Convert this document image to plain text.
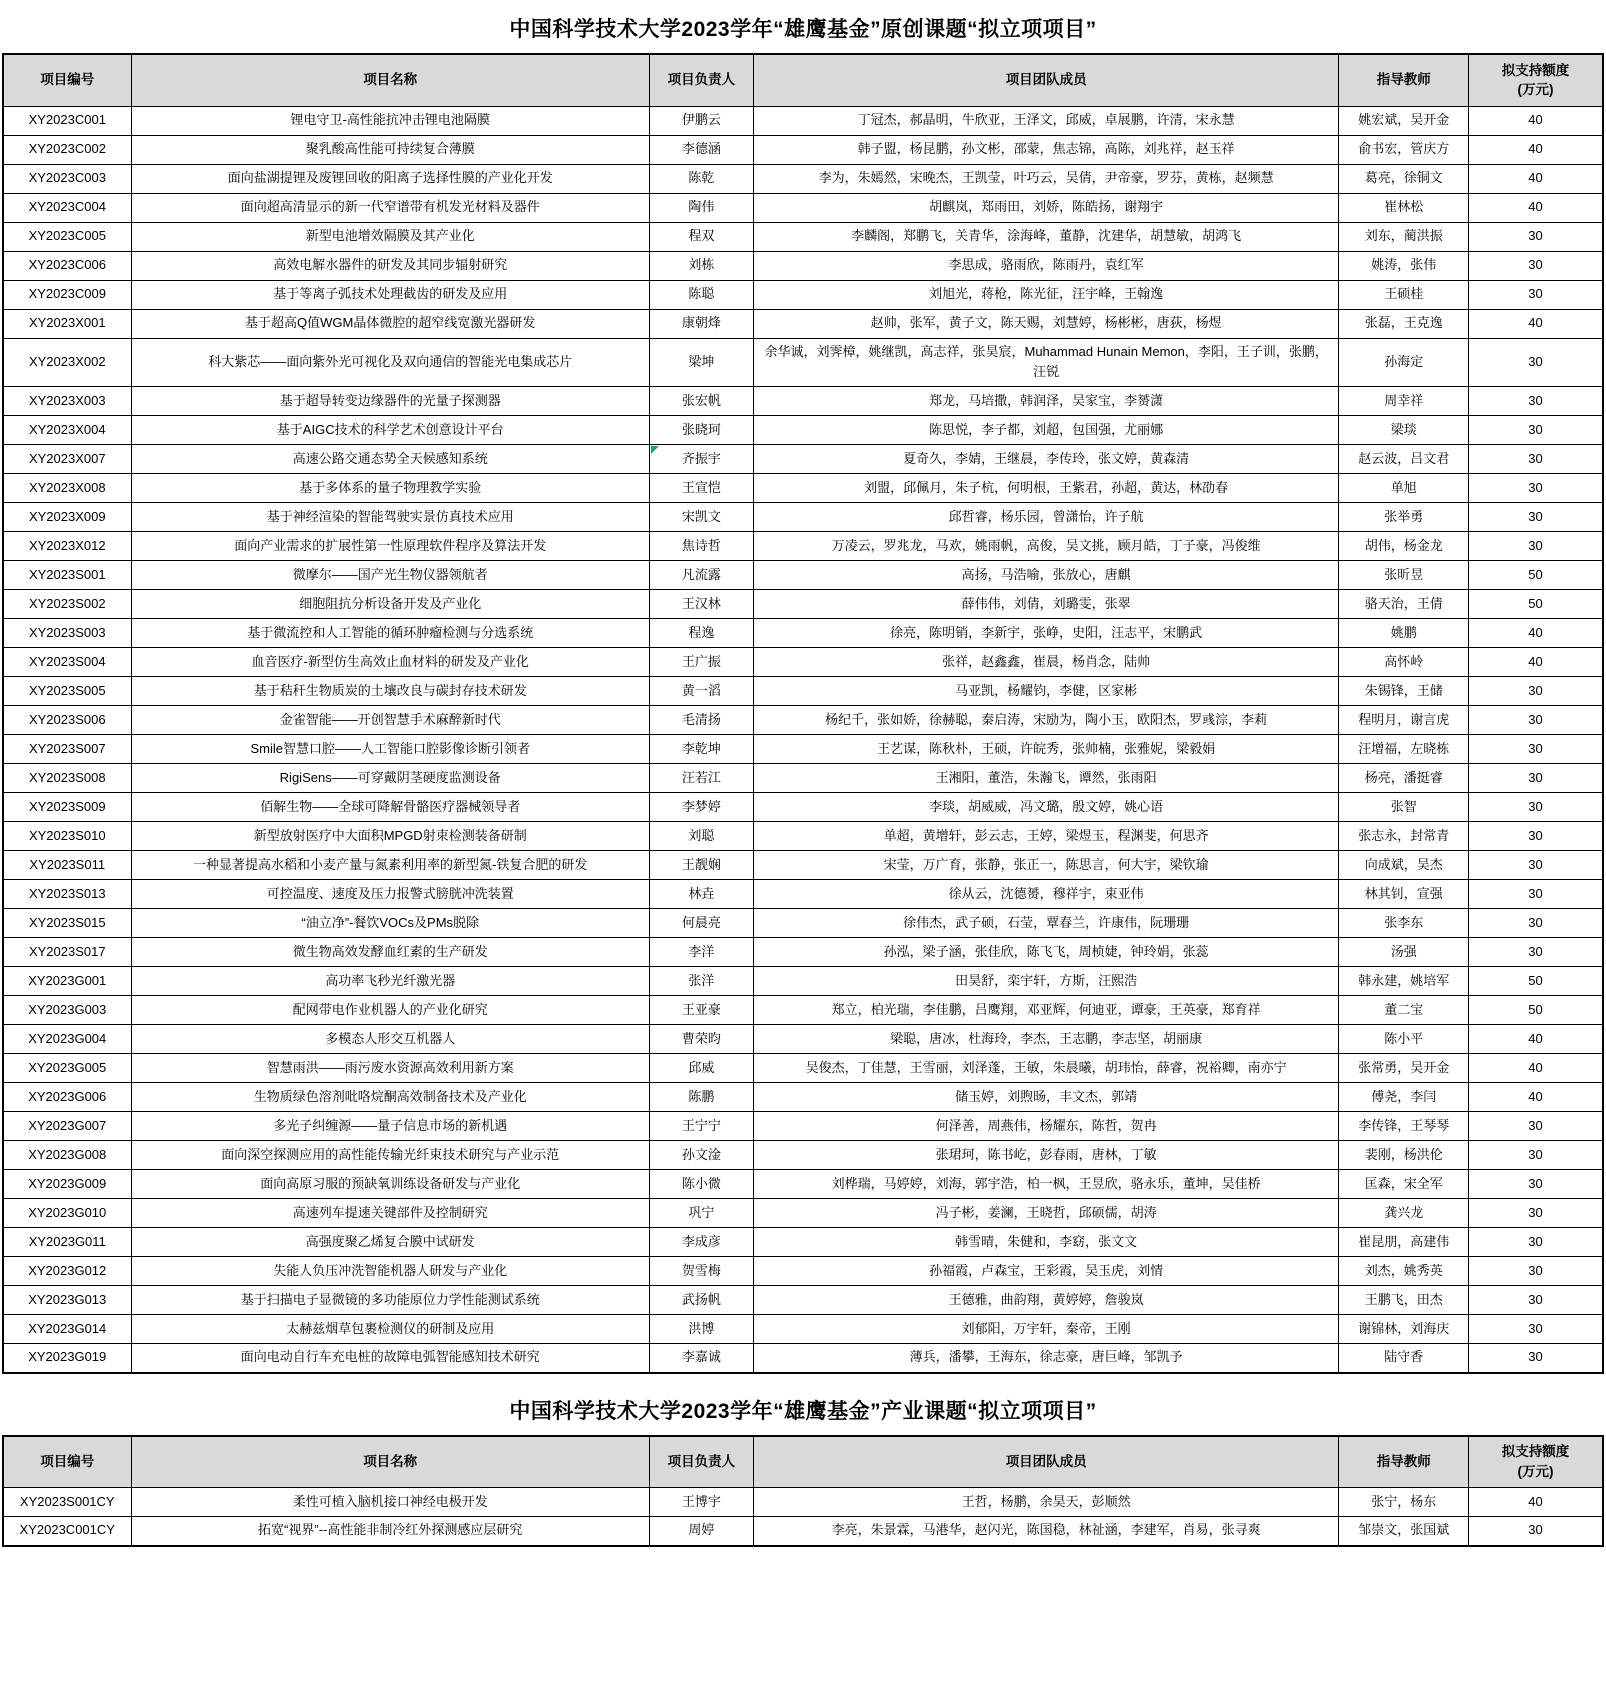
中国科学技术大学2023学年“雄鹰基金”原创课题“拟立项项目”
项目编号	项目名称	项目负责人	项目团队成员	指导教师	拟支持额度
(万元)

XY2023C001	锂电守卫-高性能抗冲击锂电池隔膜	伊鹏云	丁冠杰，郝晶明，牛欣亚，王泽文，邱威，卓展鹏，许清，宋永慧	姚宏斌，吴开金	40
XY2023C002	聚乳酸高性能可持续复合薄膜	李德涵	韩子盟，杨昆鹏，孙文彬，邵蒙，焦志锦，高陈，刘兆祥，赵玉祥	俞书宏，管庆方	40
XY2023C003	面向盐湖提锂及废锂回收的阳离子选择性膜的产业化开发	陈乾	李为，朱嫣然，宋晚杰，王凯莹，叶巧云，吴倩，尹帝豪，罗芬，黄栋，赵频慧	葛亮，徐铜文	40
XY2023C004	面向超高清显示的新一代窄谱带有机发光材料及器件	陶伟	胡麒岚，郑雨田，刘娇，陈皓扬，谢翔宇	崔林松	40
XY2023C005	新型电池增效隔膜及其产业化	程双	李麟阁，郑鹏飞，关青华，涂海峰，董静，沈建华，胡慧敏，胡鸿飞	刘东，蔺洪振	30
XY2023C006	高效电解水器件的研发及其同步辐射研究	刘栋	李思成，骆雨欣，陈雨丹，袁红军	姚涛，张伟	30
XY2023C009	基于等离子弧技术处理截齿的研发及应用	陈聪	刘旭光，蒋枪，陈光征，汪宇峰，王翰逸	王硕桂	30
XY2023X001	基于超高Q值WGM晶体微腔的超窄线宽激光器研发	康朝烽	赵帅，张军，黄子文，陈天赐，刘慧婷，杨彬彬，唐荻，杨煜	张磊，王克逸	40
XY2023X002	科大紫芯——面向紫外光可视化及双向通信的智能光电集成芯片	梁坤	余华诚，刘霁樟，姚继凯，高志祥，张昊宸，Muhammad Hunain Memon，李阳，王子训，张鹏，汪锐	孙海定	30
XY2023X003	基于超导转变边缘器件的光量子探测器	张宏帆	郑龙，马培撒，韩润泽，吴家宝，李赟潇	周幸祥	30
XY2023X004	基于AIGC技术的科学艺术创意设计平台	张晓珂	陈思悦，李子都，刘超，包国强，尤丽娜	梁琰	30
XY2023X007	高速公路交通态势全天候感知系统	齐振宇	夏奇久，李婧，王继晨，李传玲，张文婷，黄森清	赵云波，吕文君	30
XY2023X008	基于多体系的量子物理教学实验	王宣恺	刘盟，邱佩月，朱子杭，何明根，王紫君，孙超，黄达，林劭春	单旭	30
XY2023X009	基于神经渲染的智能驾驶实景仿真技术应用	宋凯文	邱哲睿，杨乐园，曾潇怡，许子航	张举勇	30
XY2023X012	面向产业需求的扩展性第一性原理软件程序及算法开发	焦诗哲	万凌云，罗兆龙，马欢，姚雨帆，高俊，吴文挑，顾月皓，丁子豪，冯俊维	胡伟，杨金龙	30
XY2023S001	微摩尔——国产光生物仪器领航者	凡流露	高扬，马浩喻，张放心，唐麒	张昕昱	50
XY2023S002	细胞阻抗分析设备开发及产业化	王汉林	薛伟伟，刘倩，刘璐雯，张翠	骆天治，王倩	50
XY2023S003	基于微流控和人工智能的循环肿瘤检测与分选系统	程逸	徐亮，陈明销，李新宇，张峥，史阳，汪志平，宋鹏武	姚鹏	40
XY2023S004	血音医疗-新型仿生高效止血材料的研发及产业化	王广振	张祥，赵鑫鑫，崔晨，杨肖念，陆帅	高怀岭	40
XY2023S005	基于秸秆生物质炭的土壤改良与碳封存技术研发	黄一滔	马亚凯，杨耀钧，李健，区家彬	朱锡锋，王储	30
XY2023S006	金雀智能——开创智慧手术麻醉新时代	毛清扬	杨纪千，张如娇，徐赫聪，秦启涛，宋励为，陶小玉，欧阳杰，罗彧淙，李莉	程明月，谢言虎	30
XY2023S007	Smile智慧口腔——人工智能口腔影像诊断引领者	李乾坤	王艺谋，陈秋朴，王硕，许皖秀，张帅楠，张雅妮，梁毅娟	汪增福，左晓栋	30
XY2023S008	RigiSens——可穿戴阴茎硬度监测设备	汪若江	王湘阳，董浩，朱瀚飞，谭然，张雨阳	杨亮，潘挺睿	30
XY2023S009	佰解生物——全球可降解骨骼医疗器械领导者	李梦婷	李琰，胡威威，冯文璐，殷文婷，姚心语	张智	30
XY2023S010	新型放射医疗中大面积MPGD射束检测装备研制	刘聪	单超，黄增轩，彭云志，王婷，梁煜玉，程渊斐，何思齐	张志永，封常青	30
XY2023S011	一种显著提高水稻和小麦产量与氮素利用率的新型氮-铁复合肥的研发	王靓娴	宋莹，万广育，张静，张正一，陈思言，何大宇，梁钦瑜	向成斌，吴杰	30
XY2023S013	可控温度、速度及压力报警式膀胱冲洗装置	林垚	徐从云，沈德赟，穆祥宇，束亚伟	林其钊，宣强	30
XY2023S015	“油立净”-餐饮VOCs及PMs脱除	何晨亮	徐伟杰，武子硕，石莹，覃春兰，许康伟，阮珊珊	张李东	30
XY2023S017	微生物高效发酵血红素的生产研发	李洋	孙泓，梁子涵，张佳欣，陈飞飞，周桢婕，钟玲娟，张蕊	汤强	30
XY2023G001	高功率飞秒光纤激光器	张洋	田昊舒，栾宇轩，方斯，汪熙浩	韩永建，姚培军	50
XY2023G003	配网带电作业机器人的产业化研究	王亚豪	郑立，柏光瑞，李佳鹏，吕鹰翔，邓亚辉，何迪亚，谭豪，王英豪，郑育祥	董二宝	50
XY2023G004	多模态人形交互机器人	曹荣昀	梁聪，唐冰，杜海玲，李杰，王志鹏，李志坚，胡丽康	陈小平	40
XY2023G005	智慧雨洪——雨污废水资源高效利用新方案	邱威	吴俊杰，丁佳慧，王雪丽，刘泽蓬，王敏，朱晨曦，胡玮怡，薛睿，祝裕卿，南亦宁	张常勇，吴开金	40
XY2023G006	生物质绿色溶剂吡咯烷酮高效制备技术及产业化	陈鹏	储玉婷，刘煦旸，丰文杰，郭靖	傅尧，李闫	40
XY2023G007	多光子纠缠源——量子信息市场的新机遇	王宁宁	何泽善，周燕伟，杨耀东，陈哲，贺冉	李传锋，王琴琴	30
XY2023G008	面向深空探测应用的高性能传输光纤束技术研究与产业示范	孙文淦	张珺珂，陈书屹，彭春雨，唐林，丁敏	裴刚，杨洪伦	30
XY2023G009	面向高原习服的预缺氧训练设备研发与产业化	陈小微	刘桦瑞，马婷婷，刘海，郭宇浩，柏一枫，王昱欣，骆永乐，董坤，吴佳桥	匡森，宋全军	30
XY2023G010	高速列车提速关键部件及控制研究	巩宁	冯子彬，姜澜，王晓哲，邱硕儒，胡涛	龚兴龙	30
XY2023G011	高强度聚乙烯复合膜中试研发	李成彦	韩雪晴，朱健和，李窈，张文文	崔昆朋，高建伟	30
XY2023G012	失能人负压冲洗智能机器人研发与产业化	贺雪梅	孙福霞，卢森宝，王彩霞，吴玉虎，刘情	刘杰，姚秀英	30
XY2023G013	基于扫描电子显微镜的多功能原位力学性能测试系统	武扬帆	王德雅，曲韵翔，黄婷婷，詹骏岚	王鹏飞，田杰	30
XY2023G014	太赫兹烟草包裹检测仪的研制及应用	洪博	刘郁阳，万宇轩，秦帝，王刚	谢锦林，刘海庆	30
XY2023G019	面向电动自行车充电桩的故障电弧智能感知技术研究	李嘉诚	薄兵，潘攀，王海东，徐志豪，唐巨峰，邹凯予	陆守香	30
中国科学技术大学2023学年“雄鹰基金”产业课题“拟立项项目”
项目编号	项目名称	项目负责人	项目团队成员	指导教师	拟支持额度
(万元)

XY2023S001CY	柔性可植入脑机接口神经电极开发	王博宇	王哲，杨鹏，余昊天，彭顺然	张宁，杨东	40
XY2023C001CY	拓宽“视界”--高性能非制冷红外探测感应层研究	周婷	李亮，朱景霖，马港华，赵闪光，陈国稳，林祉涵，李建军，肖易，张寻爽	邹崇文，张国斌	30
